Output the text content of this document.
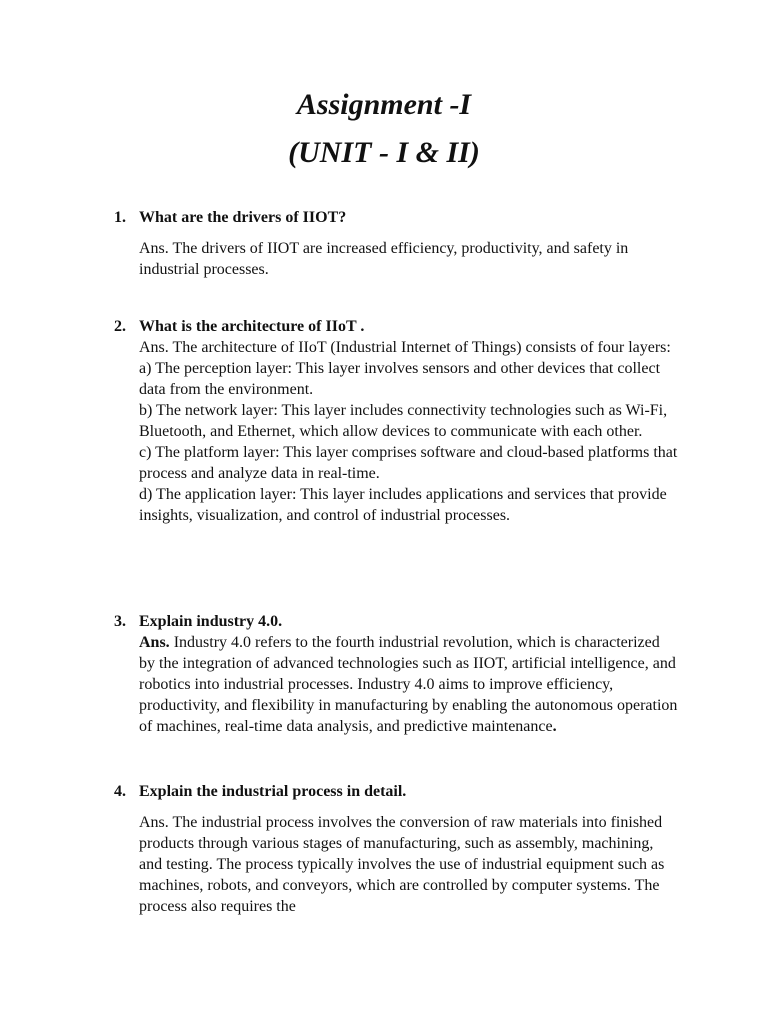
Assignment -I
(UNIT - I & II)
1. What are the drivers of IIOT?

Ans. The drivers of IIOT are increased efficiency, productivity, and safety in industrial processes.

2. What is the architecture of IIoT .

Ans. The architecture of IIoT (Industrial Internet of Things) consists of four layers:

a) The perception layer: This layer involves sensors and other devices that collect data from the environment.

b) The network layer: This layer includes connectivity technologies such as Wi-Fi, Bluetooth, and Ethernet, which allow devices to communicate with each other.

c) The platform layer: This layer comprises software and cloud-based platforms that process and analyze data in real-time.

d) The application layer: This layer includes applications and services that provide insights, visualization, and control of industrial processes.

3. Explain industry 4.0.

Ans. Industry 4.0 refers to the fourth industrial revolution, which is characterized by the integration of advanced technologies such as IIOT, artificial intelligence, and robotics into industrial processes. Industry 4.0 aims to improve efficiency, productivity, and flexibility in manufacturing by enabling the autonomous operation of machines, real-time data analysis, and predictive maintenance.

4. Explain the industrial process in detail.

Ans. The industrial process involves the conversion of raw materials into finished products through various stages of manufacturing, such as assembly, machining, and testing. The process typically involves the use of industrial equipment such as machines, robots, and conveyors, which are controlled by computer systems. The process also requires the
